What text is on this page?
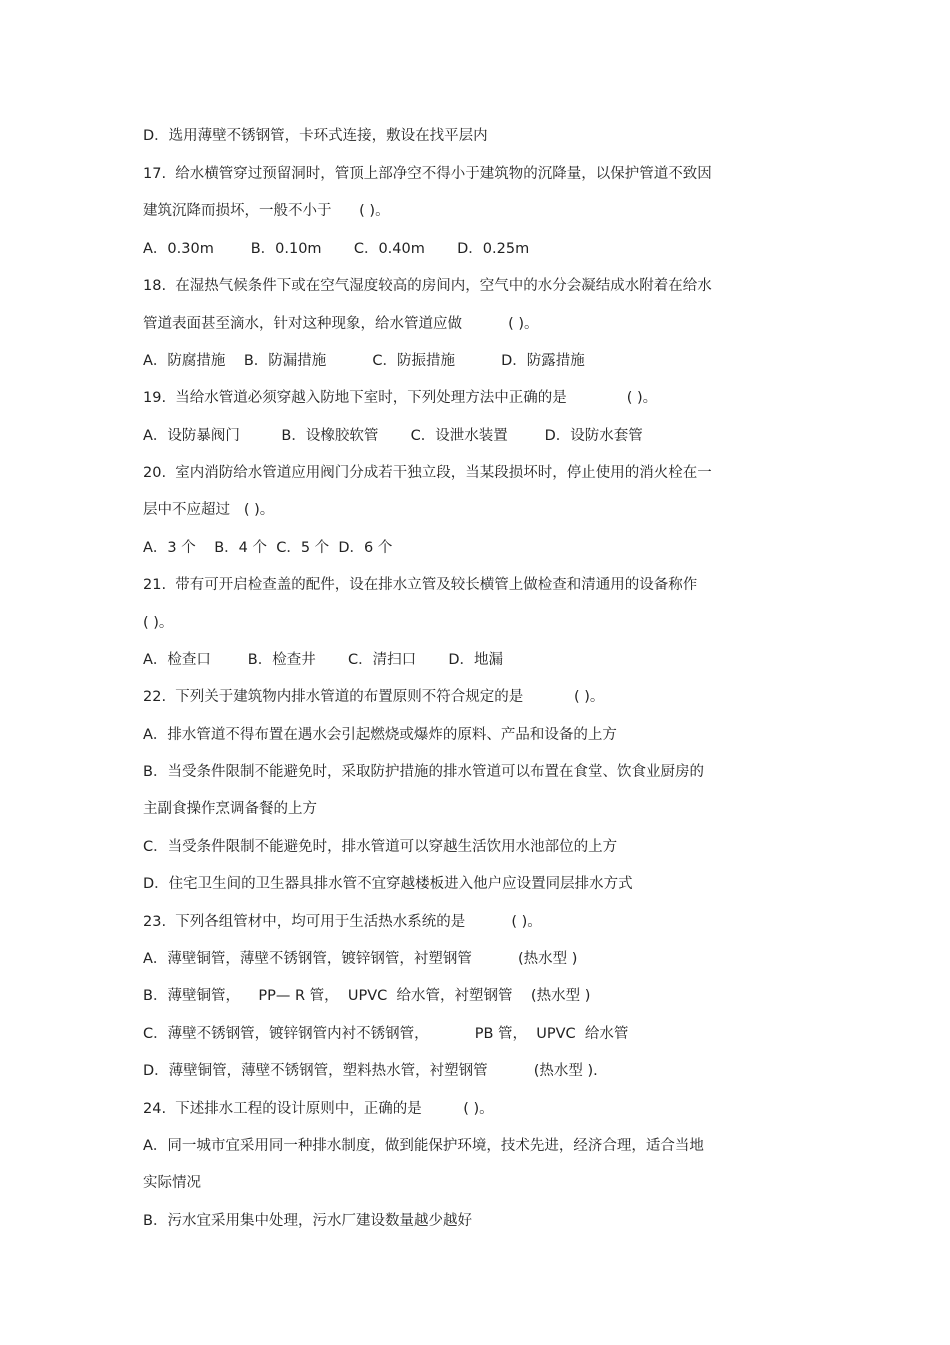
D．选用薄壁不锈钢管，卡环式连接，敷设在找平层内
17.  给水横管穿过预留洞时，管顶上部净空不得小于建筑物的沉降量，以保护管道不致因
建筑沉降而损坏，一般不小于      ( )。
A．0.30m        B．0.10m       C．0.40m       D．0.25m
18.  在湿热气候条件下或在空气湿度较高的房间内，空气中的水分会凝结成水附着在给水
管道表面甚至滴水，针对这种现象，给水管道应做          ( )。
A．防腐措施    B．防漏措施          C．防振措施          D．防露措施
19.  当给水管道必须穿越入防地下室时，下列处理方法中正确的是             ( )。
A．设防暴阀门         B．设橡胶软管       C．设泄水装置        D．设防水套管
20.  室内消防给水管道应用阀门分成若干独立段，当某段损坏时，停止使用的消火栓在一
层中不应超过   ( )。
A．3 个    B．4 个  C．5 个  D．6 个
21.  带有可开启检查盖的配件，设在排水立管及较长横管上做检查和清通用的设备称作
( )。
A．检查口        B．检查井       C．清扫口       D．地漏
22.  下列关于建筑物内排水管道的布置原则不符合规定的是           ( )。
A．排水管道不得布置在遇水会引起燃烧或爆炸的原料、产品和设备的上方
B．当受条件限制不能避免时，采取防护措施的排水管道可以布置在食堂、饮食业厨房的
主副食操作烹调备餐的上方
C．当受条件限制不能避免时，排水管道可以穿越生活饮用水池部位的上方
D．住宅卫生间的卫生器具排水管不宜穿越楼板进入他户应设置同层排水方式
23.  下列各组管材中，均可用于生活热水系统的是          ( )。
A．薄壁铜管，薄壁不锈钢管，镀锌钢管，衬塑钢管          (热水型 )
B．薄壁铜管，    PP— R 管，  UPVC  给水管，衬塑钢管    (热水型 )
C．薄壁不锈钢管，镀锌钢管内衬不锈钢管，          PB 管，  UPVC  给水管
D．薄壁铜管，薄壁不锈钢管，塑料热水管，衬塑钢管          (热水型 ).
24.  下述排水工程的设计原则中，正确的是         ( )。
A．同一城市宜采用同一种排水制度，做到能保护环境，技术先进，经济合理，适合当地
实际情况
B．污水宜采用集中处理，污水厂建设数量越少越好
